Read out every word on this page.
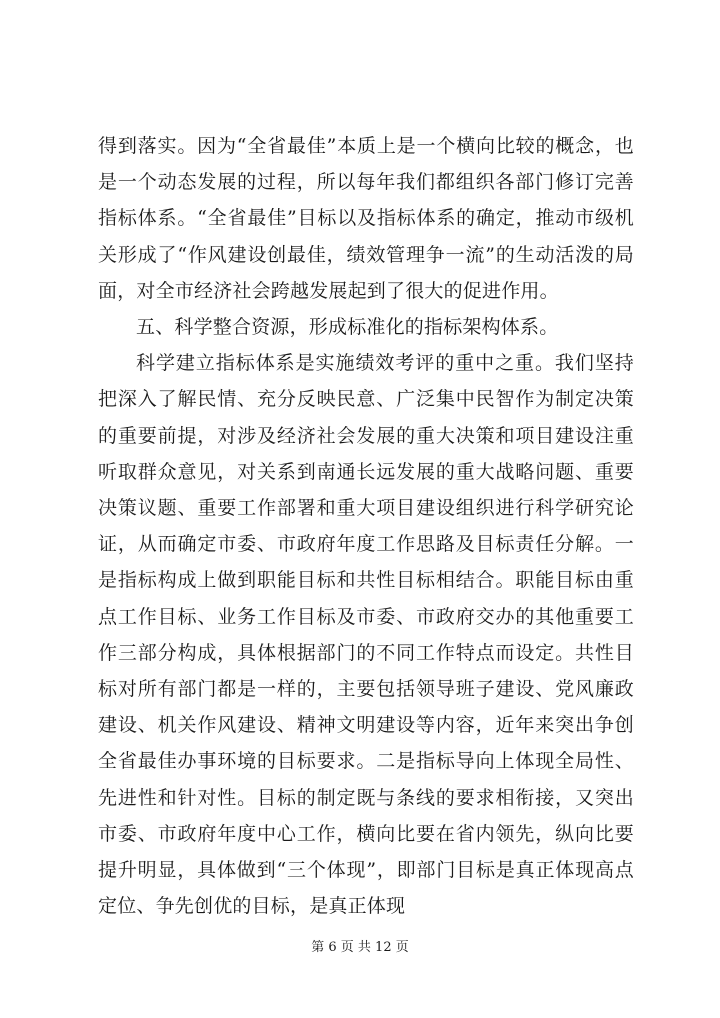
得到落实。因为“全省最佳”本质上是一个横向比较的概念，也是一个动态发展的过程，所以每年我们都组织各部门修订完善指标体系。“全省最佳”目标以及指标体系的确定，推动市级机关形成了“作风建设创最佳，绩效管理争一流”的生动活泼的局面，对全市经济社会跨越发展起到了很大的促进作用。

五、科学整合资源，形成标准化的指标架构体系。

科学建立指标体系是实施绩效考评的重中之重。我们坚持把深入了解民情、充分反映民意、广泛集中民智作为制定决策的重要前提，对涉及经济社会发展的重大决策和项目建设注重听取群众意见，对关系到南通长远发展的重大战略问题、重要决策议题、重要工作部署和重大项目建设组织进行科学研究论证，从而确定市委、市政府年度工作思路及目标责任分解。一是指标构成上做到职能目标和共性目标相结合。职能目标由重点工作目标、业务工作目标及市委、市政府交办的其他重要工作三部分构成，具体根据部门的不同工作特点而设定。共性目标对所有部门都是一样的，主要包括领导班子建设、党风廉政建设、机关作风建设、精神文明建设等内容，近年来突出争创全省最佳办事环境的目标要求。二是指标导向上体现全局性、先进性和针对性。目标的制定既与条线的要求相衔接，又突出市委、市政府年度中心工作，横向比要在省内领先，纵向比要提升明显，具体做到“三个体现”，即部门目标是真正体现高点定位、争先创优的目标，是真正体现

第 6 页 共 12 页
